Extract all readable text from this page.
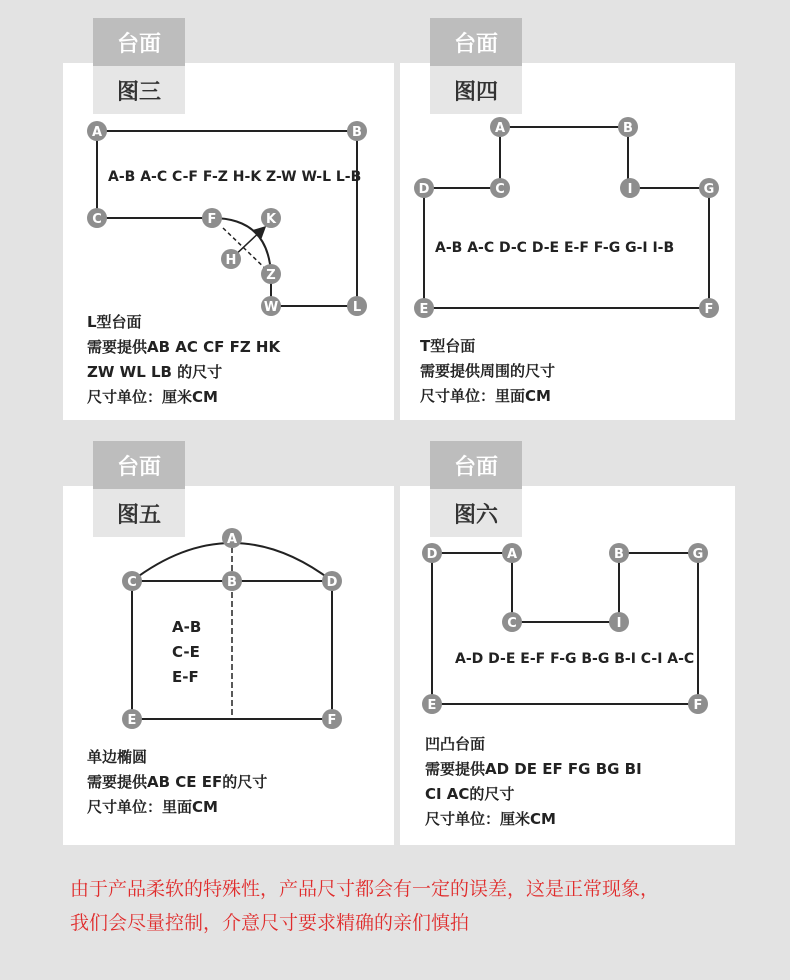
台面
图三
台面
图四
台面
图五
台面
图六
A-B A-C C-F F-Z H-K Z-W W-L L-B
A-B A-C D-C D-E E-F F-G G-I I-B
A-B
C-E
E-F
A-D D-E E-F F-G B-G B-I C-I A-C
A	B
C	F	K
H
Z
W	L
A	B
D	C	I	G
E	F
A
C	B	D
E	F
D	A	B	G
C	I
E	F
L型台面
需要提供AB AC CF FZ HK
ZW WL LB 的尺寸
尺寸单位：厘米CM
T型台面
需要提供周围的尺寸
尺寸单位：里面CM
单边椭圆
需要提供AB CE EF的尺寸
尺寸单位：里面CM
凹凸台面
需要提供AD DE EF FG BG BI
CI AC的尺寸
尺寸单位：厘米CM
由于产品柔软的特殊性，产品尺寸都会有一定的误差，这是正常现象，
我们会尽量控制，介意尺寸要求精确的亲们慎拍
